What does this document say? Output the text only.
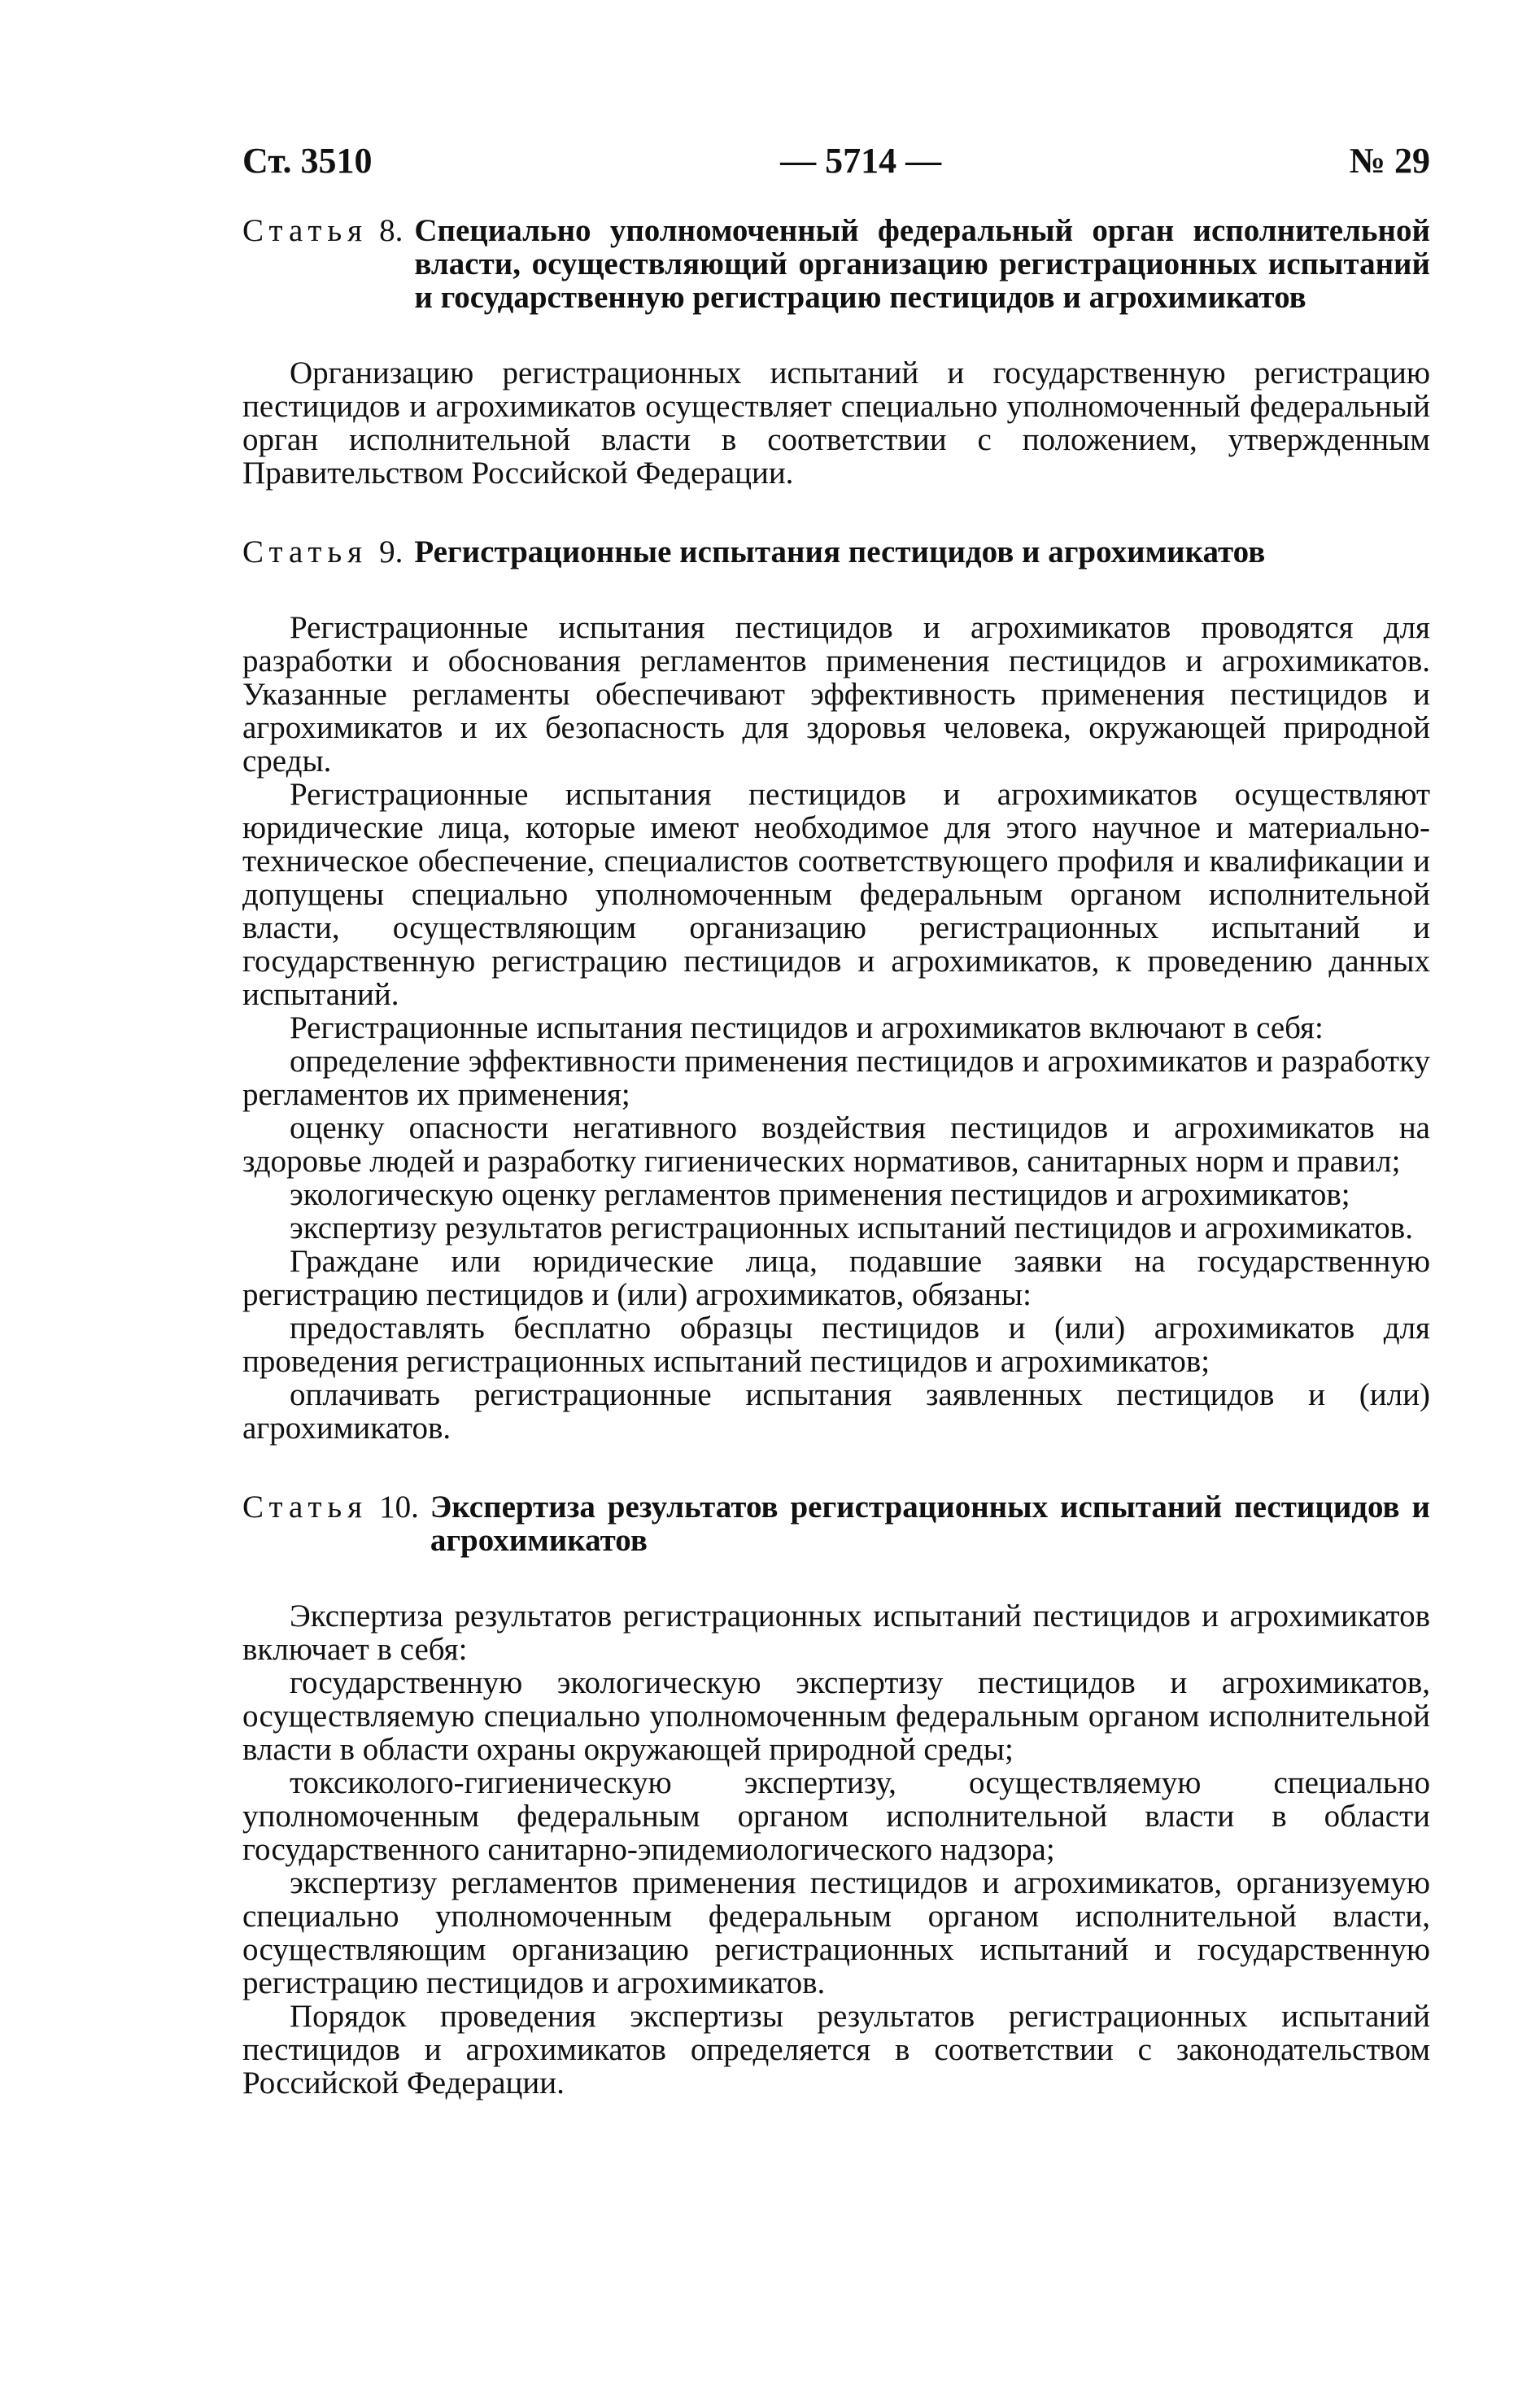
Ст. 3510	— 5714 —	№ 29
Статья 8. Специально уполномоченный федеральный орган исполнительной власти, осуществляющий организацию регистрационных испытаний и государственную регистрацию пестицидов и агрохимикатов

Организацию регистрационных испытаний и государственную регистрацию пестицидов и агрохимикатов осуществляет специально уполномоченный федеральный орган исполнительной власти в соответствии с положением, утвержденным Правительством Российской Федерации.

Статья 9. Регистрационные испытания пестицидов и агрохимикатов

Регистрационные испытания пестицидов и агрохимикатов проводятся для разработки и обоснования регламентов применения пестицидов и агрохимикатов. Указанные регламенты обеспечивают эффективность применения пестицидов и агрохимикатов и их безопасность для здоровья человека, окружающей природной среды.

Регистрационные испытания пестицидов и агрохимикатов осуществляют юридические лица, которые имеют необходимое для этого научное и материально-техническое обеспечение, специалистов соответствующего профиля и квалификации и допущены специально уполномоченным федеральным органом исполнительной власти, осуществляющим организацию регистрационных испытаний и государственную регистрацию пестицидов и агрохимикатов, к проведению данных испытаний.

Регистрационные испытания пестицидов и агрохимикатов включают в себя:

определение эффективности применения пестицидов и агрохимикатов и разработку регламентов их применения;

оценку опасности негативного воздействия пестицидов и агрохимикатов на здоровье людей и разработку гигиенических нормативов, санитарных норм и правил;

экологическую оценку регламентов применения пестицидов и агрохимикатов;

экспертизу результатов регистрационных испытаний пестицидов и агрохимикатов.

Граждане или юридические лица, подавшие заявки на государственную регистрацию пестицидов и (или) агрохимикатов, обязаны:

предоставлять бесплатно образцы пестицидов и (или) агрохимикатов для проведения регистрационных испытаний пестицидов и агрохимикатов;

оплачивать регистрационные испытания заявленных пестицидов и (или) агрохимикатов.

Статья 10. Экспертиза результатов регистрационных испытаний пестицидов и агрохимикатов

Экспертиза результатов регистрационных испытаний пестицидов и агрохимикатов включает в себя:

государственную экологическую экспертизу пестицидов и агрохимикатов, осуществляемую специально уполномоченным федеральным органом исполнительной власти в области охраны окружающей природной среды;

токсиколого-гигиеническую экспертизу, осуществляемую специально уполномоченным федеральным органом исполнительной власти в области государственного санитарно-эпидемиологического надзора;

экспертизу регламентов применения пестицидов и агрохимикатов, организуемую специально уполномоченным федеральным органом исполнительной власти, осуществляющим организацию регистрационных испытаний и государственную регистрацию пестицидов и агрохимикатов.

Порядок проведения экспертизы результатов регистрационных испытаний пестицидов и агрохимикатов определяется в соответствии с законодательством Российской Федерации.
